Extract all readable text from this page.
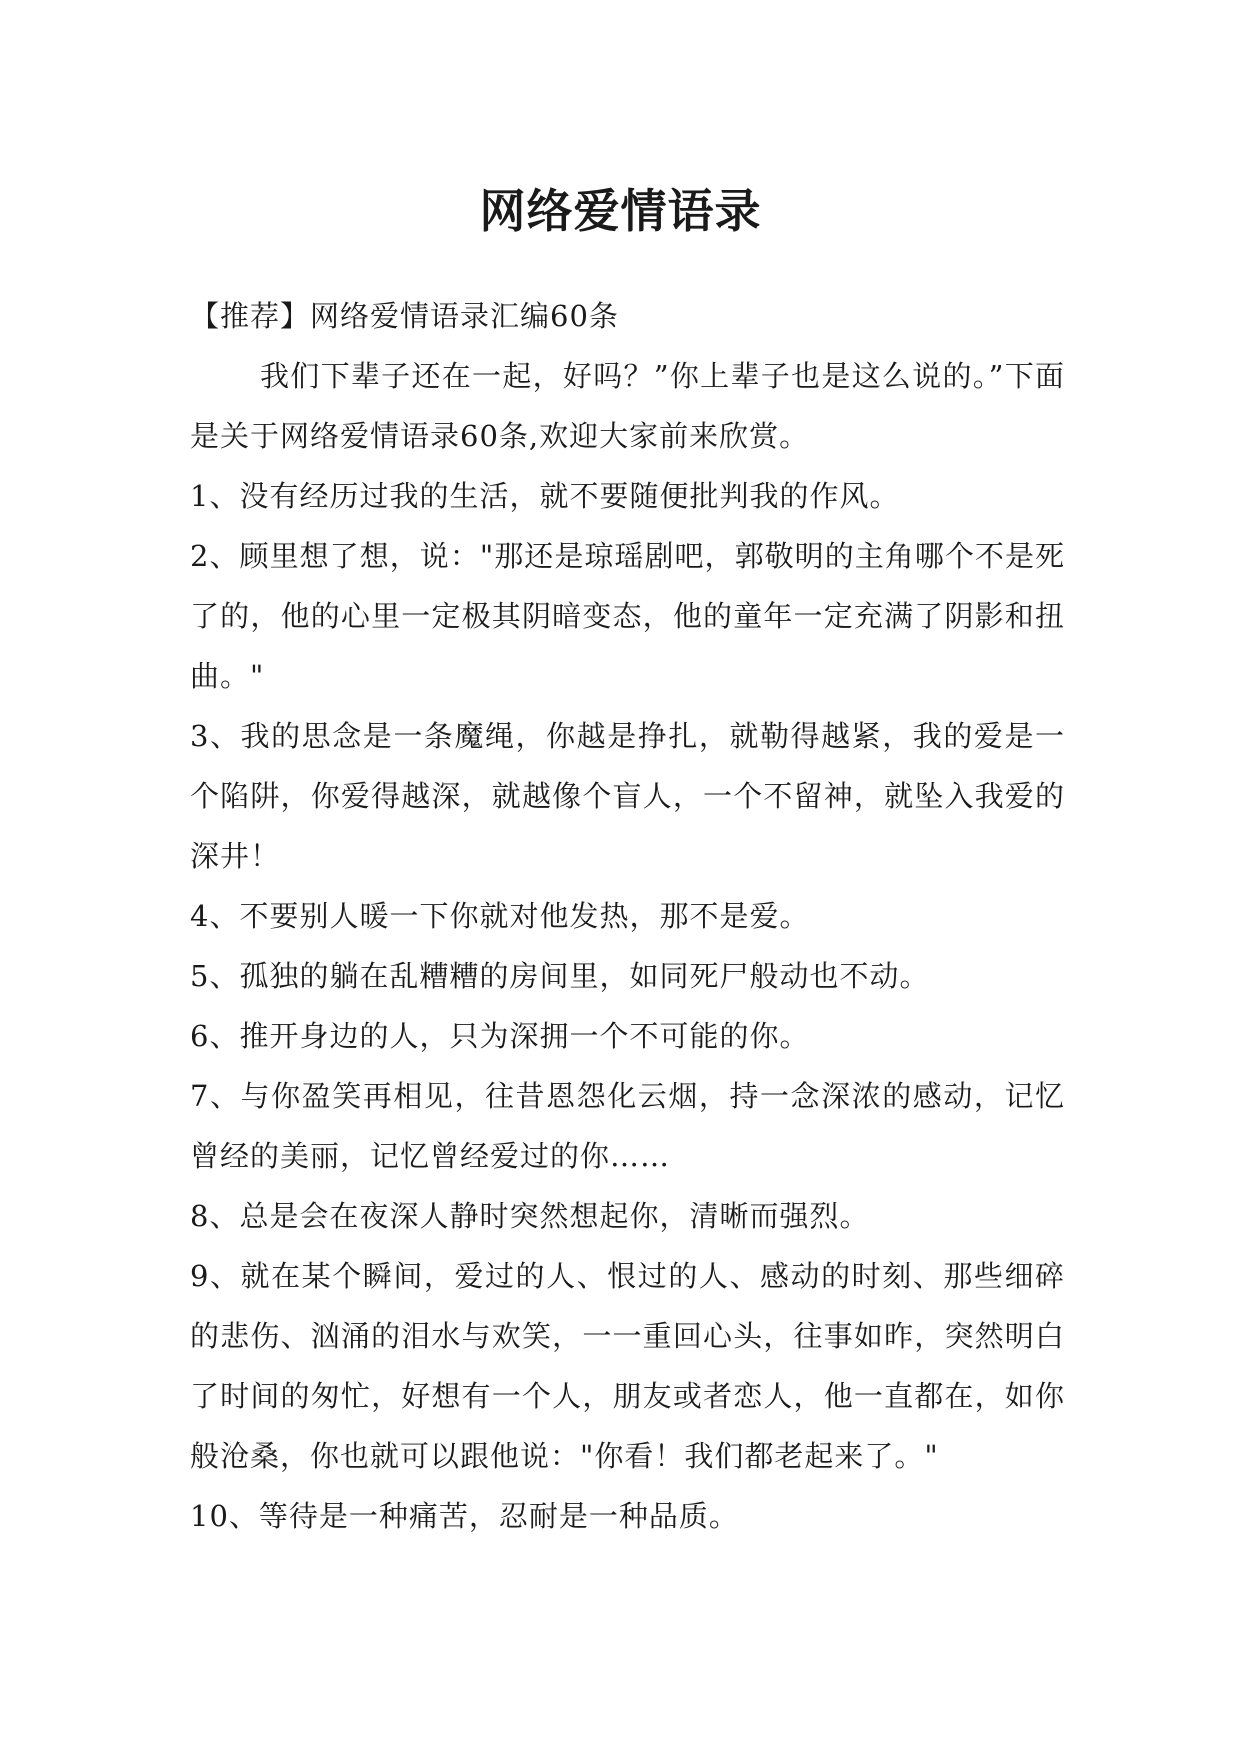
网络爱情语录

【推荐】网络爱情语录汇编60条

我们下辈子还在一起，好吗？”你上辈子也是这么说的。”下面是关于网络爱情语录60条,欢迎大家前来欣赏。

1、没有经历过我的生活，就不要随便批判我的作风。

2、顾里想了想，说："那还是琼瑶剧吧，郭敬明的主角哪个不是死了的，他的心里一定极其阴暗变态，他的童年一定充满了阴影和扭曲。"

3、我的思念是一条魔绳，你越是挣扎，就勒得越紧，我的爱是一个陷阱，你爱得越深，就越像个盲人，一个不留神，就坠入我爱的深井！

4、不要别人暖一下你就对他发热，那不是爱。

5、孤独的躺在乱糟糟的房间里，如同死尸般动也不动。

6、推开身边的人，只为深拥一个不可能的你。

7、与你盈笑再相见，往昔恩怨化云烟，持一念深浓的感动，记忆曾经的美丽，记忆曾经爱过的你……

8、总是会在夜深人静时突然想起你，清晰而强烈。

9、就在某个瞬间，爱过的人、恨过的人、感动的时刻、那些细碎的悲伤、汹涌的泪水与欢笑，一一重回心头，往事如昨，突然明白了时间的匆忙，好想有一个人，朋友或者恋人，他一直都在，如你般沧桑，你也就可以跟他说："你看！我们都老起来了。"

10、等待是一种痛苦，忍耐是一种品质。
